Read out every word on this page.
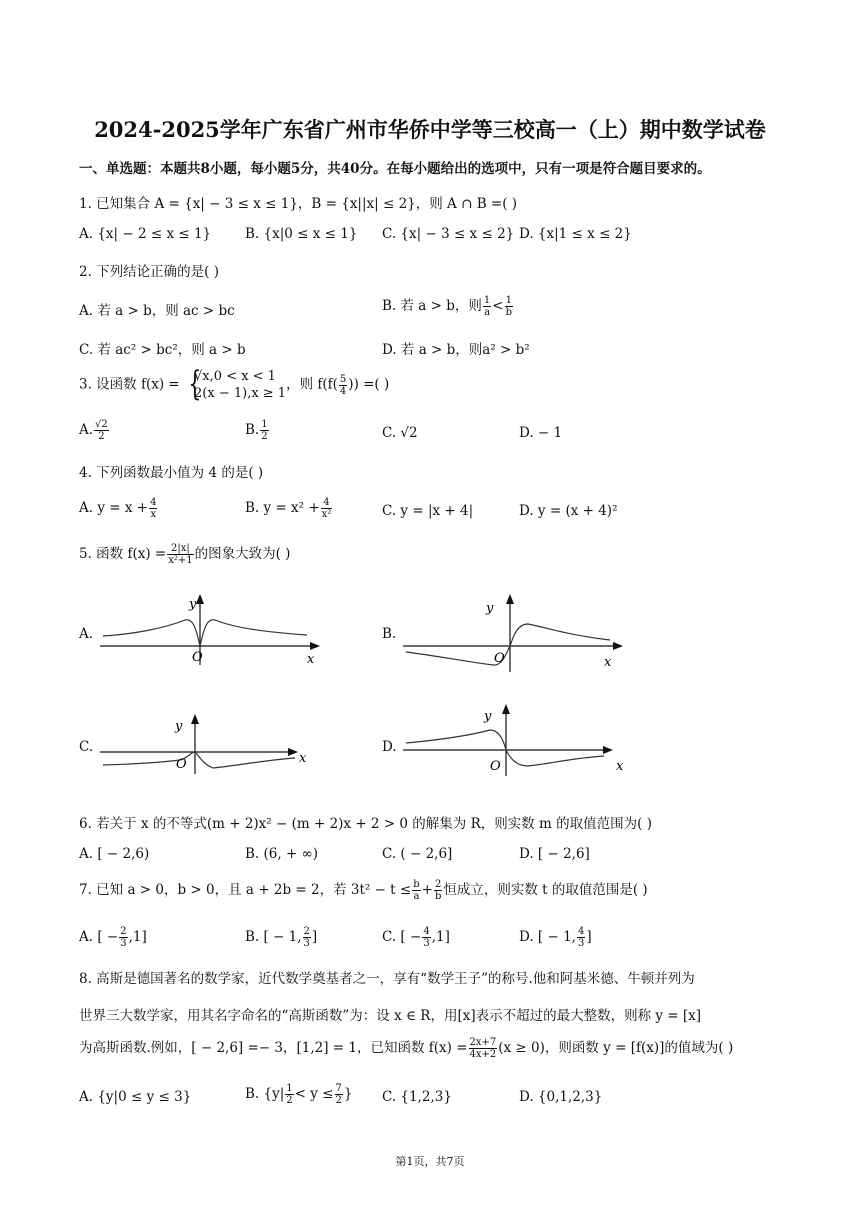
2024-2025学年广东省广州市华侨中学等三校高一（上）期中数学试卷
一、单选题：本题共8小题，每小题5分，共40分。在每小题给出的选项中，只有一项是符合题目要求的。
1. 已知集合 A = {x| − 3 ≤ x ≤ 1}，B = {x||x| ≤ 2}，则 A ∩ B =( )
A. {x| − 2 ≤ x ≤ 1}	B. {x|0 ≤ x ≤ 1} C. {x| − 3 ≤ x ≤ 2} D. {x|1 ≤ x ≤ 2}
2. 下列结论正确的是( )
A. 若 a > b，则 ac > bc	B. 若 a > b，则 $\frac{1}{a} < \frac{1}{b}$
C. 若 ac² > bc²，则 a > b	D. 若 a > b，则a² > b²
3. 设函数 f(x) = {
√x,0 < x < 1
2(x − 1),x ≥ 1
，则 $f(f( \frac{5}{4}$ )) =( )
A. $\frac{√2}{2}$	B. $\frac{1}{2}$	C. √2	D. − 1
4. 下列函数最小值为 4 的是( )
A. $y = x + \frac{4}{x}$	B. $y = x^2 + \frac{4}{\text{x²}}$	C. y = |x + 4|	D. y = (x + 4)²
5. 函数 $f(x) = \frac{2|x|}{\text{x²+1}}$ 的图象大致为( )
A.	B.
C.	D.
y
O	x
y
O	x
y
O	x
y
O	x
6. 若关于 x 的不等式(m + 2)x² − (m + 2)x + 2 > 0 的解集为 R，则实数 m 的取值范围为( )
A. [ − 2,6)	B. (6, + ∞)	C. ( − 2,6]	D. [ − 2,6]
7. 已知 a > 0，b > 0，且 a + 2b = 2，若 $3t^2 - t \le \frac{b}{a} + \frac{2}{b}$ 恒成立，则实数 t 的取值范围是( )
A. [ − $\frac{2}{3} ,1$]	B. [ − 1, $\frac{2}{3}$ ]	C. [ − $\frac{4}{3} ,1$]	D. [ − 1, $\frac{4}{3}$ ]
8. 高斯是德国著名的数学家，近代数学奠基者之一，享有“数学王子”的称号.他和阿基米德、牛顿并列为
世界三大数学家，用其名字命名的“高斯函数”为：设 x ∈ R，用[x]表示不超过的最大整数，则称 y = [x]
为高斯函数.例如，[ − 2,6] =− 3，[1,2] = 1，已知函数 $f(x) = \frac{2x+7}{4x+2} (x \ge 0)$，则函数 y = [f(x)]的值域为( )
A. {y|0 ≤ y ≤ 3}	B. {$y| \frac{1}{2} < y \le \frac{7}{2}$ } C. {1,2,3}	D. {0,1,2,3}
第1页，共7页
